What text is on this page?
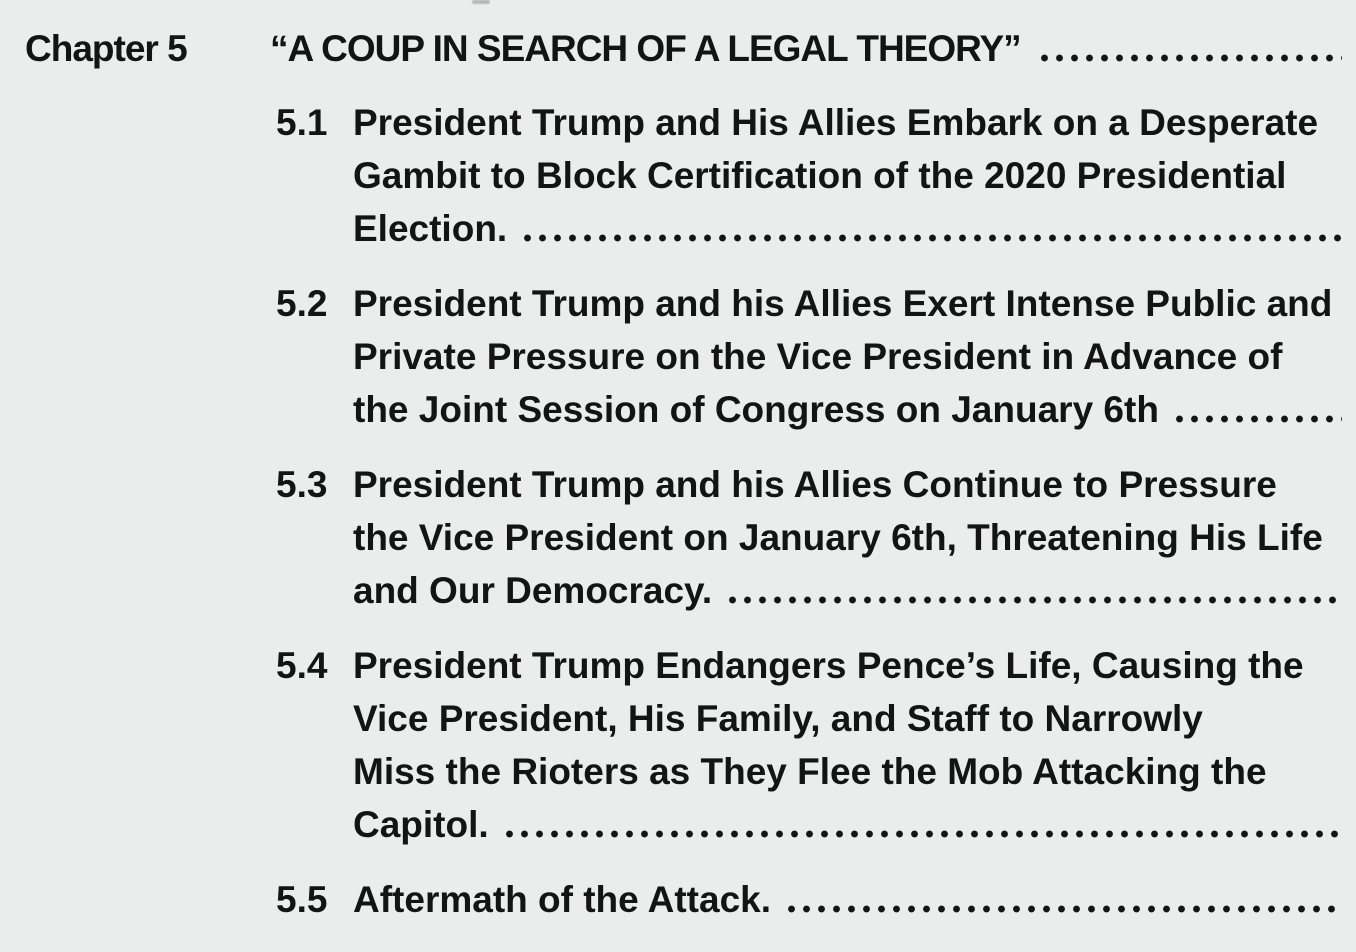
Chapter 5	“A COUP IN SEARCH OF A LEGAL THEORY”
5.1 President Trump and His Allies Embark on a Desperate
Gambit to Block Certification of the 2020 Presidential
Election.
5.2 President Trump and his Allies Exert Intense Public and
Private Pressure on the Vice President in Advance of
the Joint Session of Congress on January 6th
5.3 President Trump and his Allies Continue to Pressure
the Vice President on January 6th, Threatening His Life
and Our Democracy.
5.4 President Trump Endangers Pence’s Life, Causing the
Vice President, His Family, and Staff to Narrowly
Miss the Rioters as They Flee the Mob Attacking the
Capitol.
5.5 Aftermath of the Attack.
